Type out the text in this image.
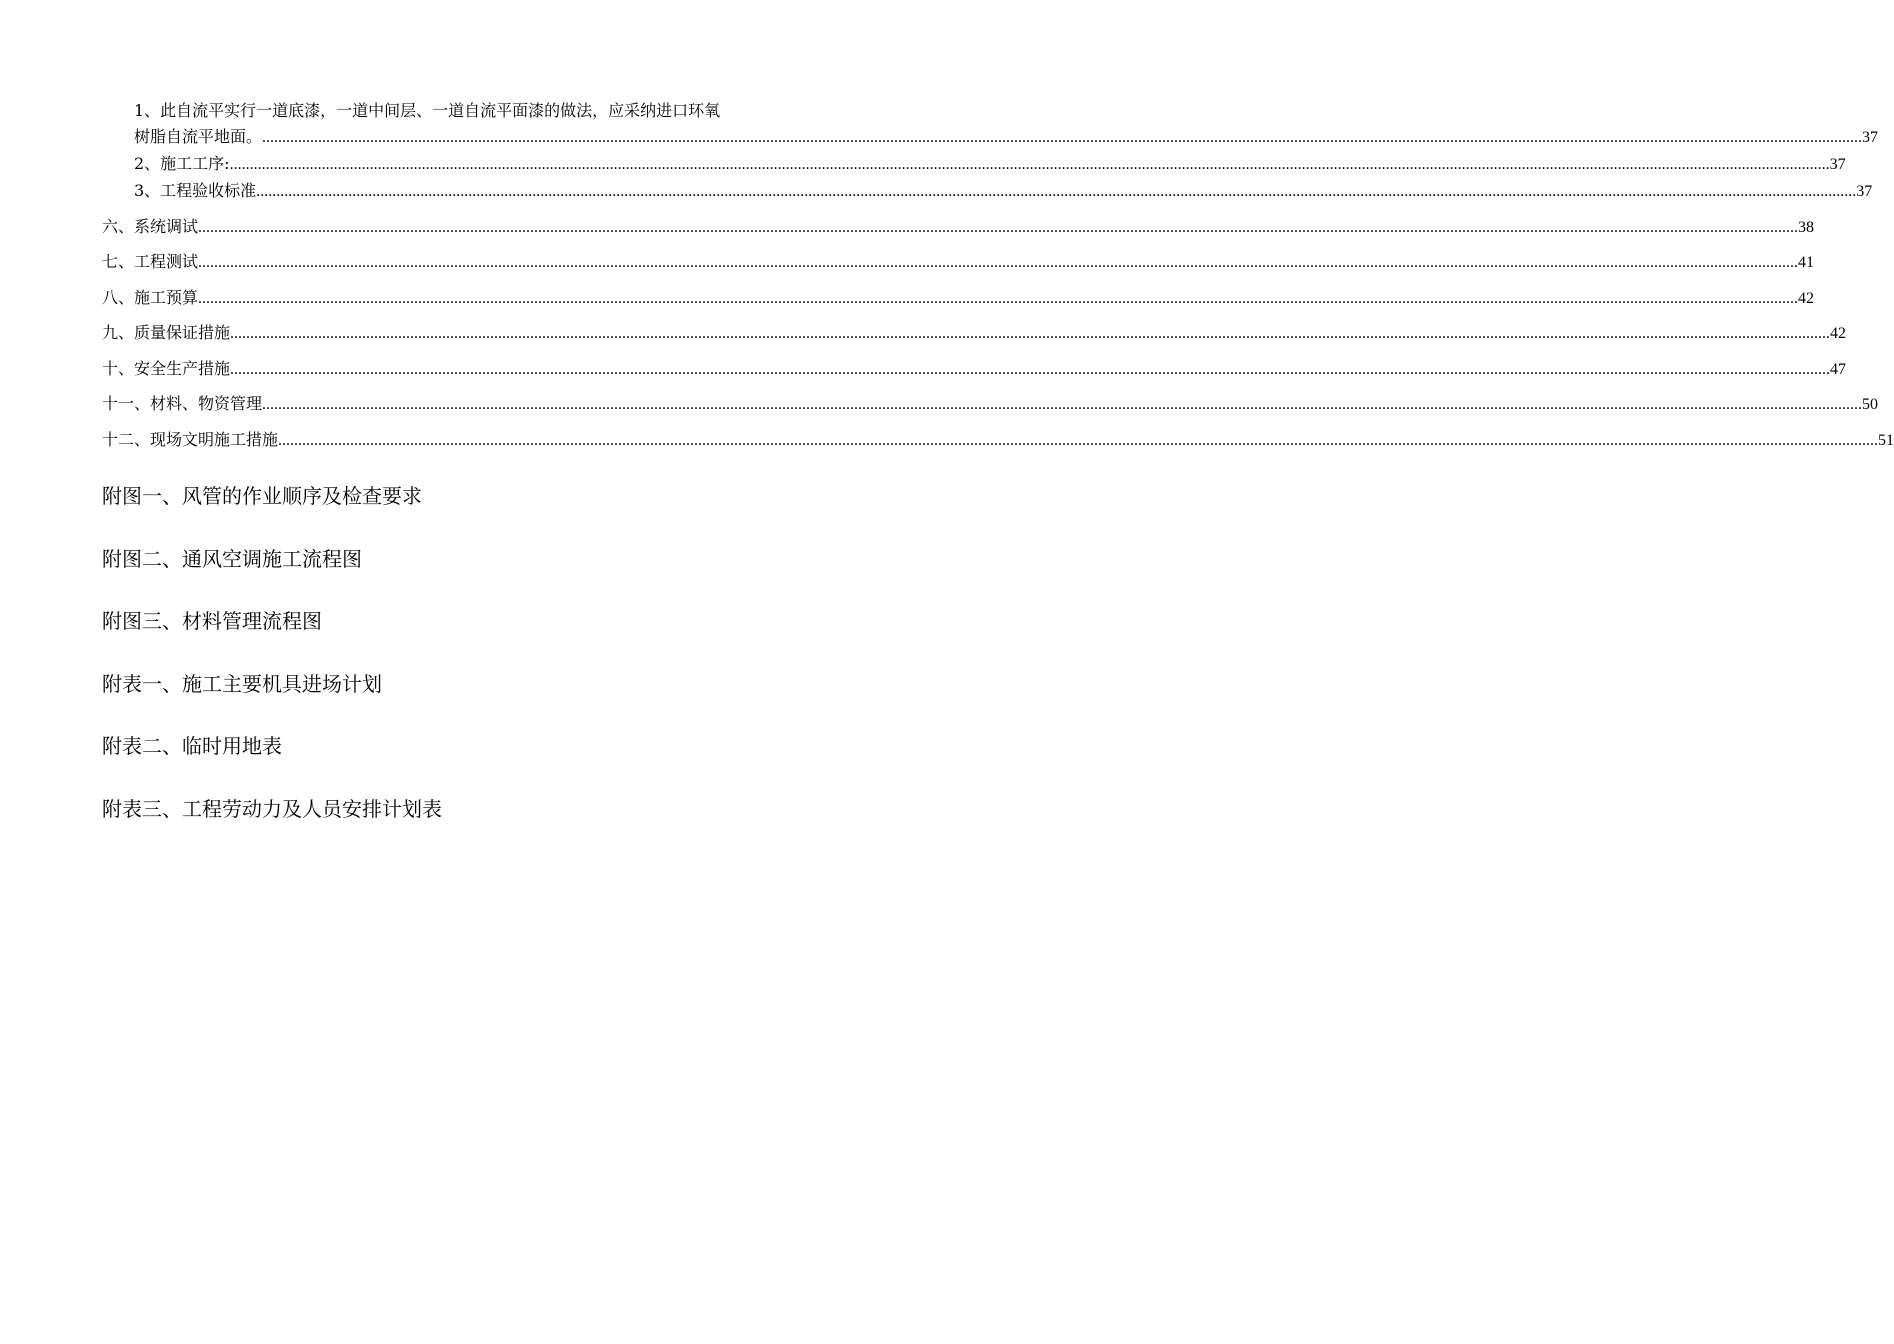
1、此自流平实行一道底漆，一道中间层、一道自流平面漆的做法，应采纳进口环氧
树脂自流平地面。 ................................................................................................................................................................................................................................................................................................................................................................................................................ 37
2、施工工序: ................................................................................................................................................................................................................................................................................................................................................................................................................ 37
3、工程验收标准 ................................................................................................................................................................................................................................................................................................................................................................................................................ 37
六、系统调试 ................................................................................................................................................................................................................................................................................................................................................................................................................ 38
七、工程测试 ................................................................................................................................................................................................................................................................................................................................................................................................................ 41
八、施工预算 ................................................................................................................................................................................................................................................................................................................................................................................................................ 42
九、质量保证措施 ................................................................................................................................................................................................................................................................................................................................................................................................................ 42
十、安全生产措施 ................................................................................................................................................................................................................................................................................................................................................................................................................ 47
十一、材料、物资管理 ................................................................................................................................................................................................................................................................................................................................................................................................................ 50
十二、现场文明施工措施 ................................................................................................................................................................................................................................................................................................................................................................................................................ 51
附图一、风管的作业顺序及检查要求
附图二、通风空调施工流程图
附图三、材料管理流程图
附表一、施工主要机具进场计划
附表二、临时用地表
附表三、工程劳动力及人员安排计划表
